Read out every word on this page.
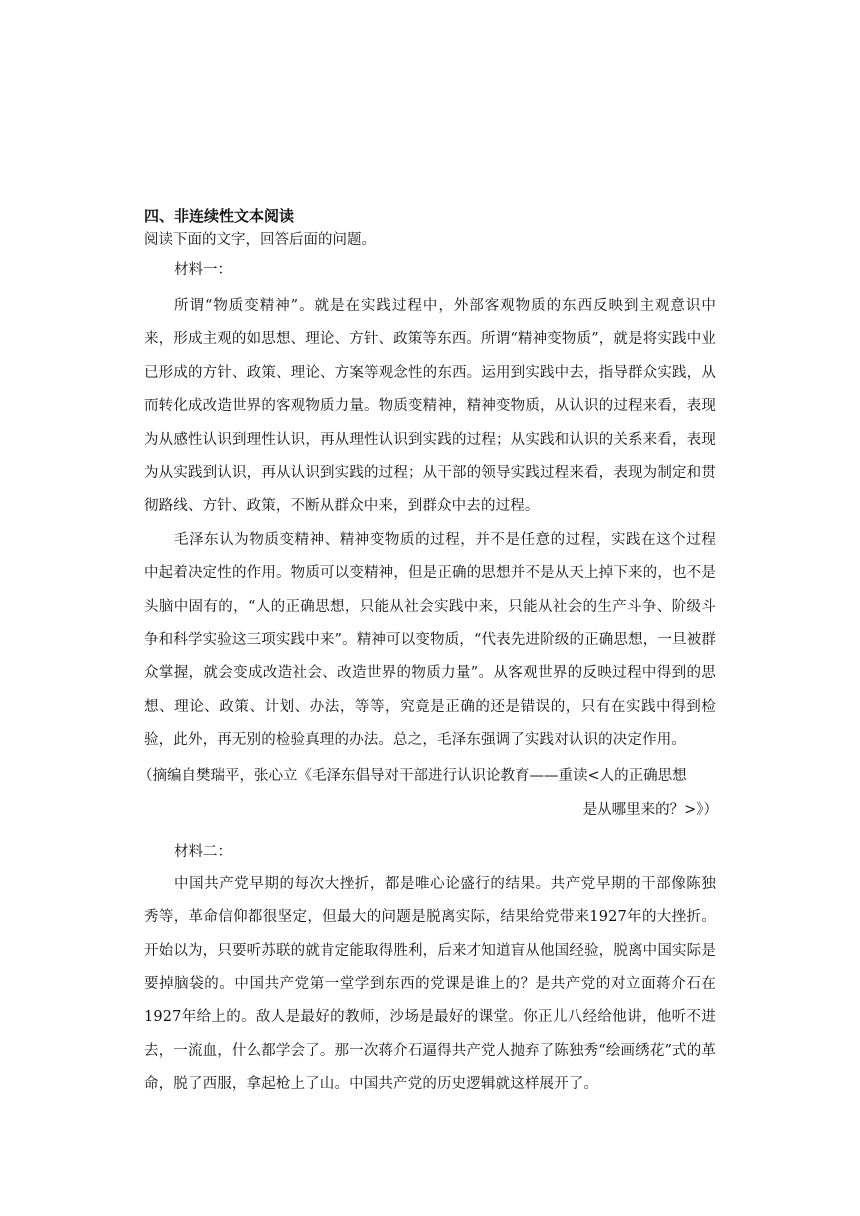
四、非连续性文本阅读
阅读下面的文字，回答后面的问题。
材料一：

所谓“物质变精神”。就是在实践过程中，外部客观物质的东西反映到主观意识中来，形成主观的如思想、理论、方针、政策等东西。所谓“精神变物质”，就是将实践中业已形成的方针、政策、理论、方案等观念性的东西。运用到实践中去，指导群众实践，从而转化成改造世界的客观物质力量。物质变精神，精神变物质，从认识的过程来看，表现为从感性认识到理性认识，再从理性认识到实践的过程；从实践和认识的关系来看，表现为从实践到认识，再从认识到实践的过程；从干部的领导实践过程来看，表现为制定和贯彻路线、方针、政策，不断从群众中来，到群众中去的过程。

毛泽东认为物质变精神、精神变物质的过程，并不是任意的过程，实践在这个过程中起着决定性的作用。物质可以变精神，但是正确的思想并不是从天上掉下来的，也不是头脑中固有的，“人的正确思想，只能从社会实践中来，只能从社会的生产斗争、阶级斗争和科学实验这三项实践中来”。精神可以变物质，“代表先进阶级的正确思想，一旦被群众掌握，就会变成改造社会、改造世界的物质力量”。从客观世界的反映过程中得到的思想、理论、政策、计划、办法，等等，究竟是正确的还是错误的，只有在实践中得到检验，此外，再无别的检验真理的办法。总之，毛泽东强调了实践对认识的决定作用。

（摘编自樊瑞平，张心立《毛泽东倡导对干部进行认识论教育——重读<人的正确思想
是从哪里来的？>》）
材料二：

中国共产党早期的每次大挫折，都是唯心论盛行的结果。共产党早期的干部像陈独秀等，革命信仰都很坚定，但最大的问题是脱离实际，结果给党带来1927年的大挫折。开始以为，只要听苏联的就肯定能取得胜利，后来才知道盲从他国经验，脱离中国实际是要掉脑袋的。中国共产党第一堂学到东西的党课是谁上的？是共产党的对立面蒋介石在1927年给上的。敌人是最好的教师，沙场是最好的课堂。你正儿八经给他讲，他听不进去，一流血，什么都学会了。那一次蒋介石逼得共产党人抛弃了陈独秀“绘画绣花”式的革命，脱了西服，拿起枪上了山。中国共产党的历史逻辑就这样展开了。
